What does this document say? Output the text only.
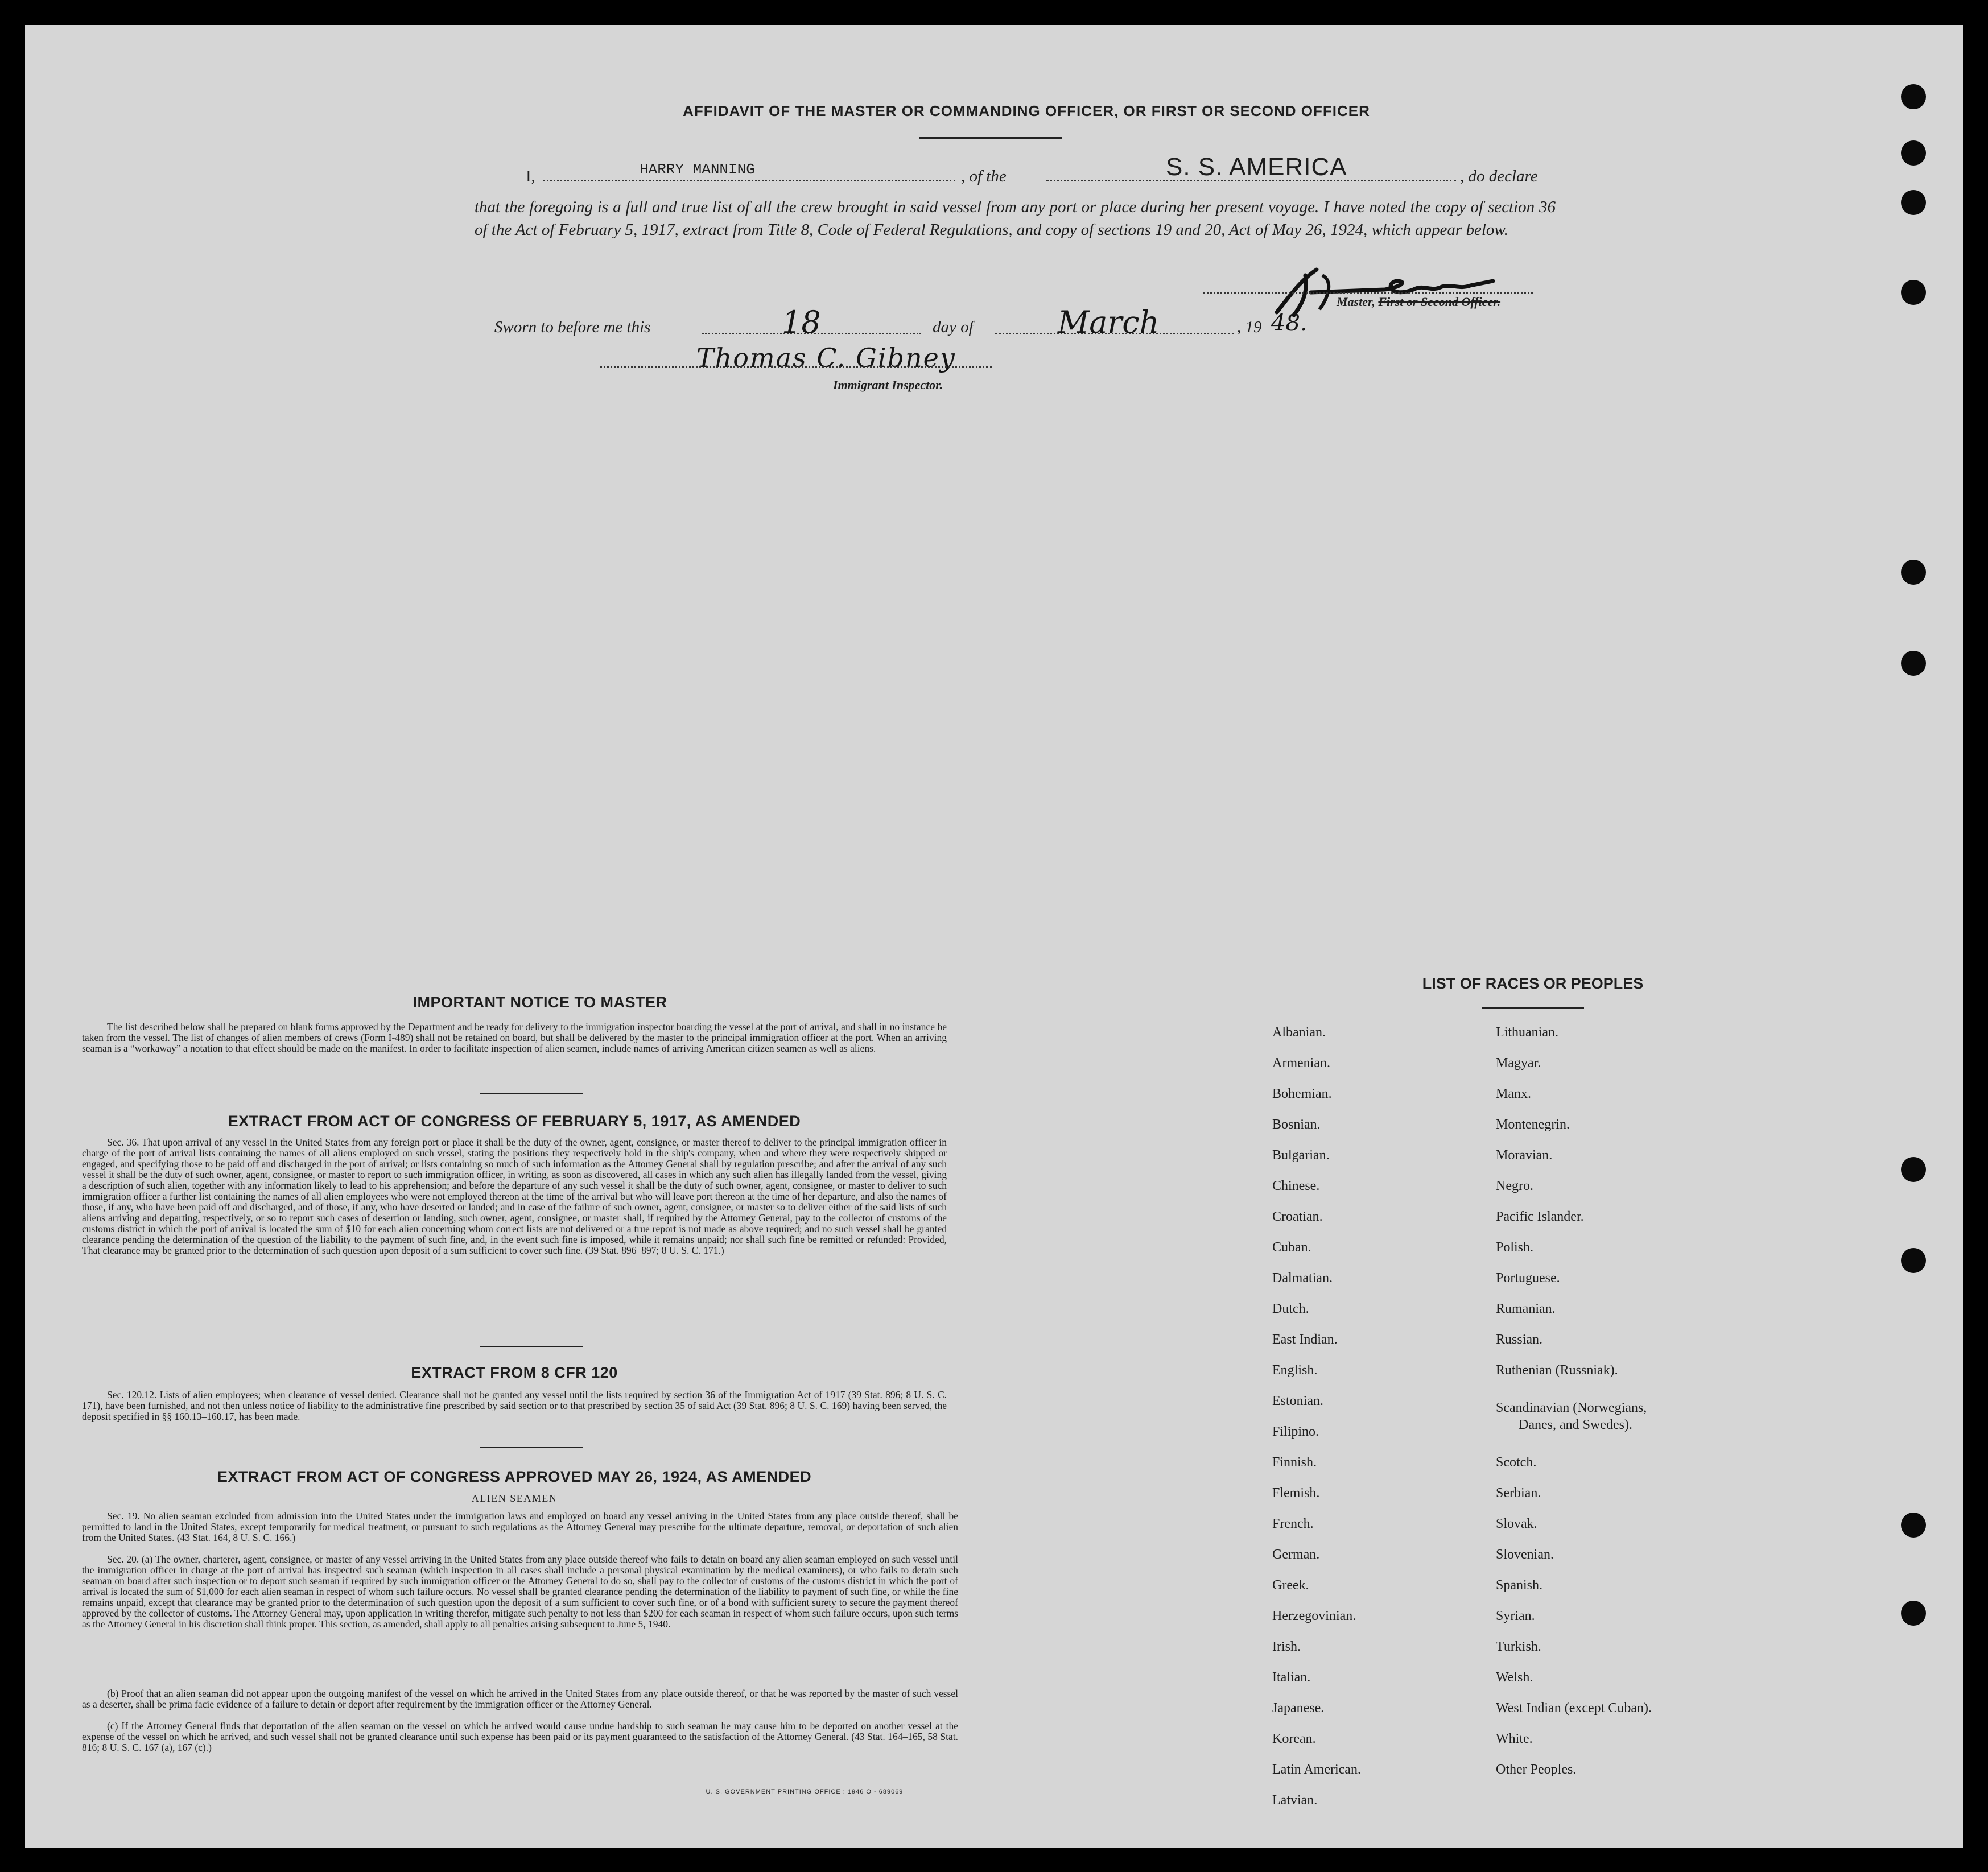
AFFIDAVIT OF THE MASTER OR COMMANDING OFFICER, OR FIRST OR SECOND OFFICER
I,	HARRY MANNING	, of the	S. S. AMERICA	, do declare
that the foregoing is a full and true list of all the crew brought in said vessel from any port or place during her present voyage. I have noted the copy of section 36 of the Act of February 5, 1917, extract from Title 8, Code of Federal Regulations, and copy of sections 19 and 20, Act of May 26, 1924, which appear below.
Master, First or Second Officer.
Sworn to before me this	18	day of	March	, 19 48.
Thomas C. Gibney
Immigrant Inspector.
IMPORTANT NOTICE TO MASTER
The list described below shall be prepared on blank forms approved by the Department and be ready for delivery to the immigration inspector boarding the vessel at the port of arrival, and shall in no instance be taken from the vessel. The list of changes of alien members of crews (Form I-489) shall not be retained on board, but shall be delivered by the master to the principal immigration officer at the port. When an arriving seaman is a “workaway” a notation to that effect should be made on the manifest. In order to facilitate inspection of alien seamen, include names of arriving American citizen seamen as well as aliens.
EXTRACT FROM ACT OF CONGRESS OF FEBRUARY 5, 1917, AS AMENDED
Sec. 36. That upon arrival of any vessel in the United States from any foreign port or place it shall be the duty of the owner, agent, consignee, or master thereof to deliver to the principal immigration officer in charge of the port of arrival lists containing the names of all aliens employed on such vessel, stating the positions they respectively hold in the ship's company, when and where they were respectively shipped or engaged, and specifying those to be paid off and discharged in the port of arrival; or lists containing so much of such information as the Attorney General shall by regulation prescribe; and after the arrival of any such vessel it shall be the duty of such owner, agent, consignee, or master to report to such immigration officer, in writing, as soon as discovered, all cases in which any such alien has illegally landed from the vessel, giving a description of such alien, together with any information likely to lead to his apprehension; and before the departure of any such vessel it shall be the duty of such owner, agent, consignee, or master to deliver to such immigration officer a further list containing the names of all alien employees who were not employed thereon at the time of the arrival but who will leave port thereon at the time of her departure, and also the names of those, if any, who have been paid off and discharged, and of those, if any, who have deserted or landed; and in case of the failure of such owner, agent, consignee, or master so to deliver either of the said lists of such aliens arriving and departing, respectively, or so to report such cases of desertion or landing, such owner, agent, consignee, or master shall, if required by the Attorney General, pay to the collector of customs of the customs district in which the port of arrival is located the sum of $10 for each alien concerning whom correct lists are not delivered or a true report is not made as above required; and no such vessel shall be granted clearance pending the determination of the question of the liability to the payment of such fine, and, in the event such fine is imposed, while it remains unpaid; nor shall such fine be remitted or refunded: Provided, That clearance may be granted prior to the determination of such question upon deposit of a sum sufficient to cover such fine. (39 Stat. 896–897; 8 U. S. C. 171.)
EXTRACT FROM 8 CFR 120
Sec. 120.12. Lists of alien employees; when clearance of vessel denied. Clearance shall not be granted any vessel until the lists required by section 36 of the Immigration Act of 1917 (39 Stat. 896; 8 U. S. C. 171), have been furnished, and not then unless notice of liability to the administrative fine prescribed by said section or to that prescribed by section 35 of said Act (39 Stat. 896; 8 U. S. C. 169) having been served, the deposit specified in §§ 160.13–160.17, has been made.
EXTRACT FROM ACT OF CONGRESS APPROVED MAY 26, 1924, AS AMENDED
ALIEN SEAMEN
Sec. 19. No alien seaman excluded from admission into the United States under the immigration laws and employed on board any vessel arriving in the United States from any place outside thereof, shall be permitted to land in the United States, except temporarily for medical treatment, or pursuant to such regulations as the Attorney General may prescribe for the ultimate departure, removal, or deportation of such alien from the United States. (43 Stat. 164, 8 U. S. C. 166.)
Sec. 20. (a) The owner, charterer, agent, consignee, or master of any vessel arriving in the United States from any place outside thereof who fails to detain on board any alien seaman employed on such vessel until the immigration officer in charge at the port of arrival has inspected such seaman (which inspection in all cases shall include a personal physical examination by the medical examiners), or who fails to detain such seaman on board after such inspection or to deport such seaman if required by such immigration officer or the Attorney General to do so, shall pay to the collector of customs of the customs district in which the port of arrival is located the sum of $1,000 for each alien seaman in respect of whom such failure occurs. No vessel shall be granted clearance pending the determination of the liability to payment of such fine, or while the fine remains unpaid, except that clearance may be granted prior to the determination of such question upon the deposit of a sum sufficient to cover such fine, or of a bond with sufficient surety to secure the payment thereof approved by the collector of customs. The Attorney General may, upon application in writing therefor, mitigate such penalty to not less than $200 for each seaman in respect of whom such failure occurs, upon such terms as the Attorney General in his discretion shall think proper. This section, as amended, shall apply to all penalties arising subsequent to June 5, 1940.
(b) Proof that an alien seaman did not appear upon the outgoing manifest of the vessel on which he arrived in the United States from any place outside thereof, or that he was reported by the master of such vessel as a deserter, shall be prima facie evidence of a failure to detain or deport after requirement by the immigration officer or the Attorney General.
(c) If the Attorney General finds that deportation of the alien seaman on the vessel on which he arrived would cause undue hardship to such seaman he may cause him to be deported on another vessel at the expense of the vessel on which he arrived, and such vessel shall not be granted clearance until such expense has been paid or its payment guaranteed to the satisfaction of the Attorney General. (43 Stat. 164–165, 58 Stat. 816; 8 U. S. C. 167 (a), 167 (c).)
U. S. GOVERNMENT PRINTING OFFICE : 1946 O - 689069
LIST OF RACES OR PEOPLES
Albanian.
Armenian.
Bohemian.
Bosnian.
Bulgarian.
Chinese.
Croatian.
Cuban.
Dalmatian.
Dutch.
East Indian.
English.
Estonian.
Filipino.
Finnish.
Flemish.
French.
German.
Greek.
Herzegovinian.
Irish.
Italian.
Japanese.
Korean.
Latin American.
Latvian.
Lithuanian.
Magyar.
Manx.
Montenegrin.
Moravian.
Negro.
Pacific Islander.
Polish.
Portuguese.
Rumanian.
Russian.
Ruthenian (Russniak).
Scandinavian (Norwegians,
Danes, and Swedes).
Scotch.
Serbian.
Slovak.
Slovenian.
Spanish.
Syrian.
Turkish.
Welsh.
West Indian (except Cuban).
White.
Other Peoples.
